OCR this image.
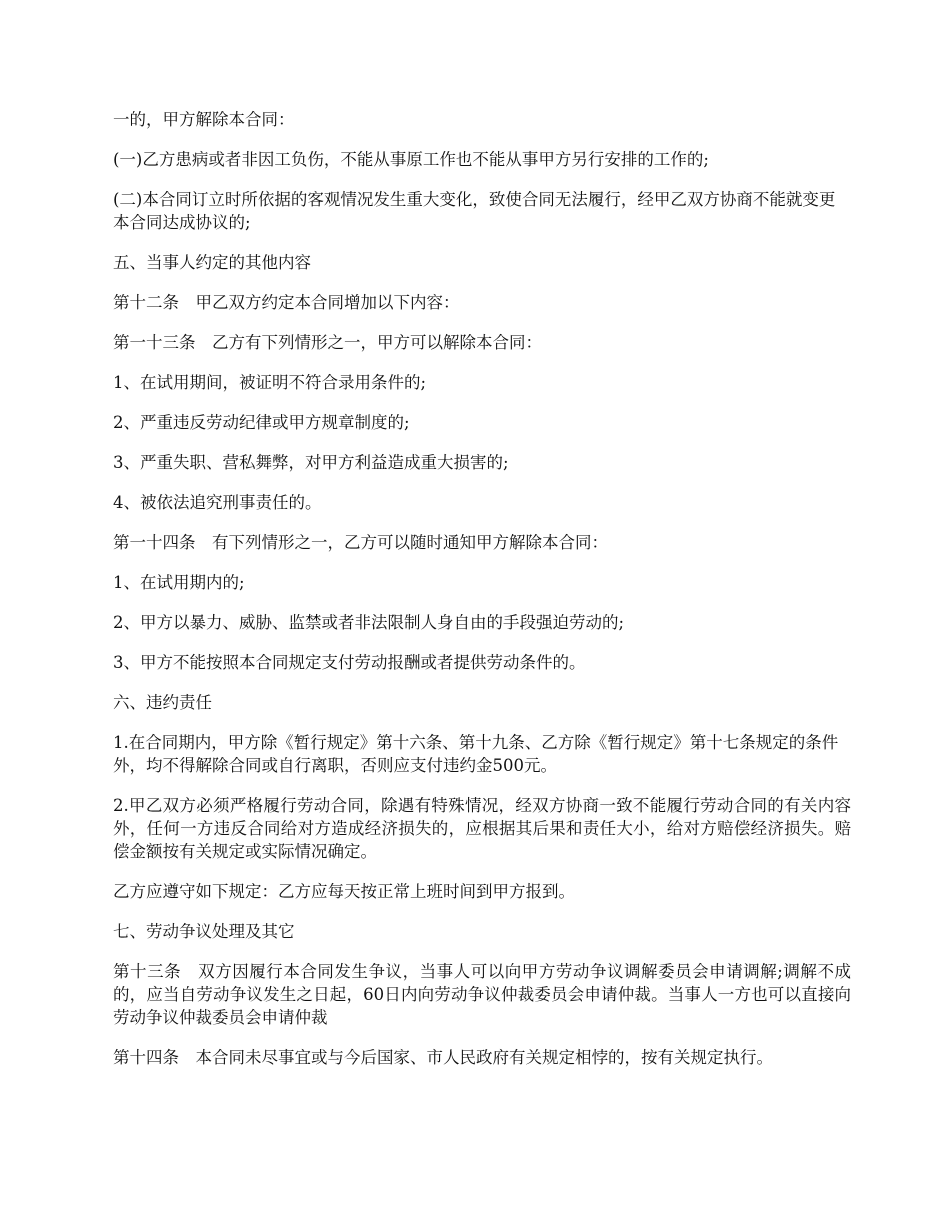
一的，甲方解除本合同：

(一)乙方患病或者非因工负伤，不能从事原工作也不能从事甲方另行安排的工作的;

(二)本合同订立时所依据的客观情况发生重大变化，致使合同无法履行，经甲乙双方协商不能就变更本合同达成协议的;

五、当事人约定的其他内容

第十二条　甲乙双方约定本合同增加以下内容：

第一十三条　乙方有下列情形之一，甲方可以解除本合同：

1、在试用期间，被证明不符合录用条件的;

2、严重违反劳动纪律或甲方规章制度的;

3、严重失职、营私舞弊，对甲方利益造成重大损害的;

4、被依法追究刑事责任的。

第一十四条　有下列情形之一，乙方可以随时通知甲方解除本合同：

1、在试用期内的;

2、甲方以暴力、威胁、监禁或者非法限制人身自由的手段强迫劳动的;

3、甲方不能按照本合同规定支付劳动报酬或者提供劳动条件的。

六、违约责任

1.在合同期内，甲方除《暂行规定》第十六条、第十九条、乙方除《暂行规定》第十七条规定的条件外，均不得解除合同或自行离职，否则应支付违约金500元。

2.甲乙双方必须严格履行劳动合同，除遇有特殊情况，经双方协商一致不能履行劳动合同的有关内容外，任何一方违反合同给对方造成经济损失的，应根据其后果和责任大小，给对方赔偿经济损失。赔偿金额按有关规定或实际情况确定。

乙方应遵守如下规定：乙方应每天按正常上班时间到甲方报到。

七、劳动争议处理及其它

第十三条　双方因履行本合同发生争议，当事人可以向甲方劳动争议调解委员会申请调解;调解不成的，应当自劳动争议发生之日起，60日内向劳动争议仲裁委员会申请仲裁。当事人一方也可以直接向劳动争议仲裁委员会申请仲裁

第十四条　本合同未尽事宜或与今后国家、市人民政府有关规定相悖的，按有关规定执行。
